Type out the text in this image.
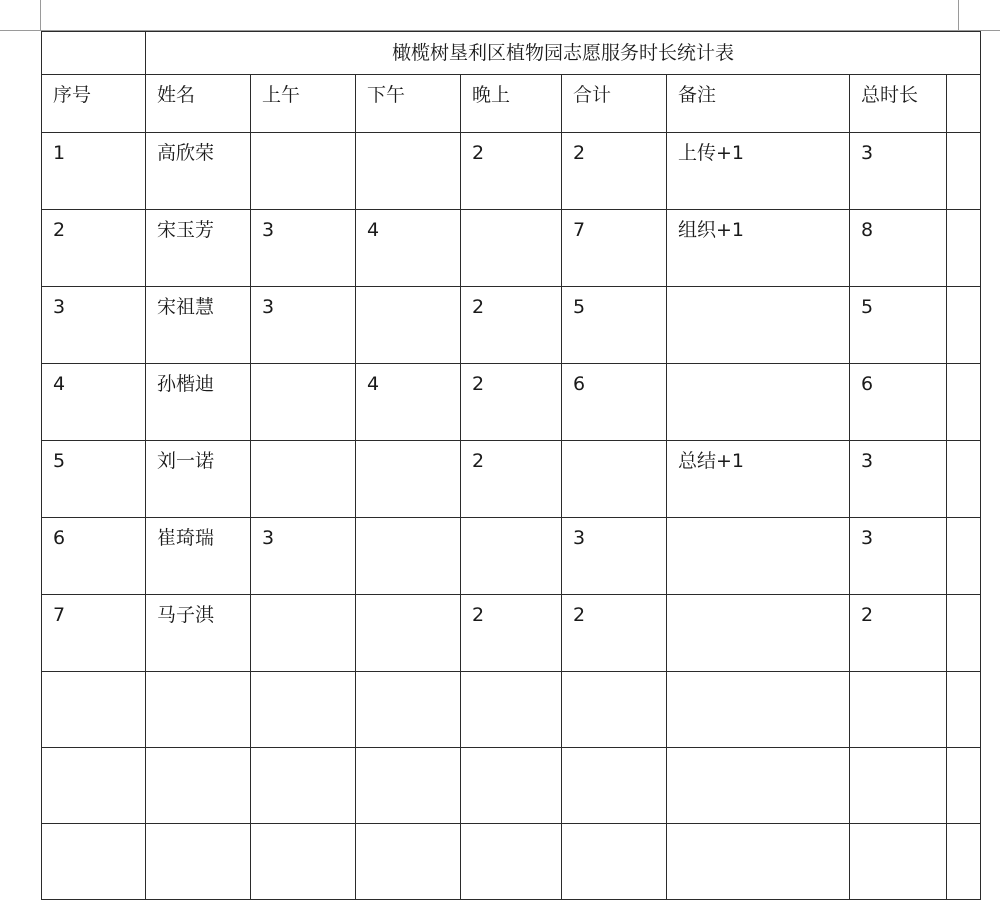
	橄榄树垦利区植物园志愿服务时长统计表							

序号	姓名	上午	下午	晚上	合计	备注	总时长	

1	高欣荣			2	2	上传+1	3	

2	宋玉芳	3	4		7	组织+1	8	

3	宋祖慧	3		2	5		5	

4	孙楷迪		4	2	6		6	

5	刘一诺			2		总结+1	3	

6	崔琦瑞	3			3		3	

7	马子淇			2	2		2	
